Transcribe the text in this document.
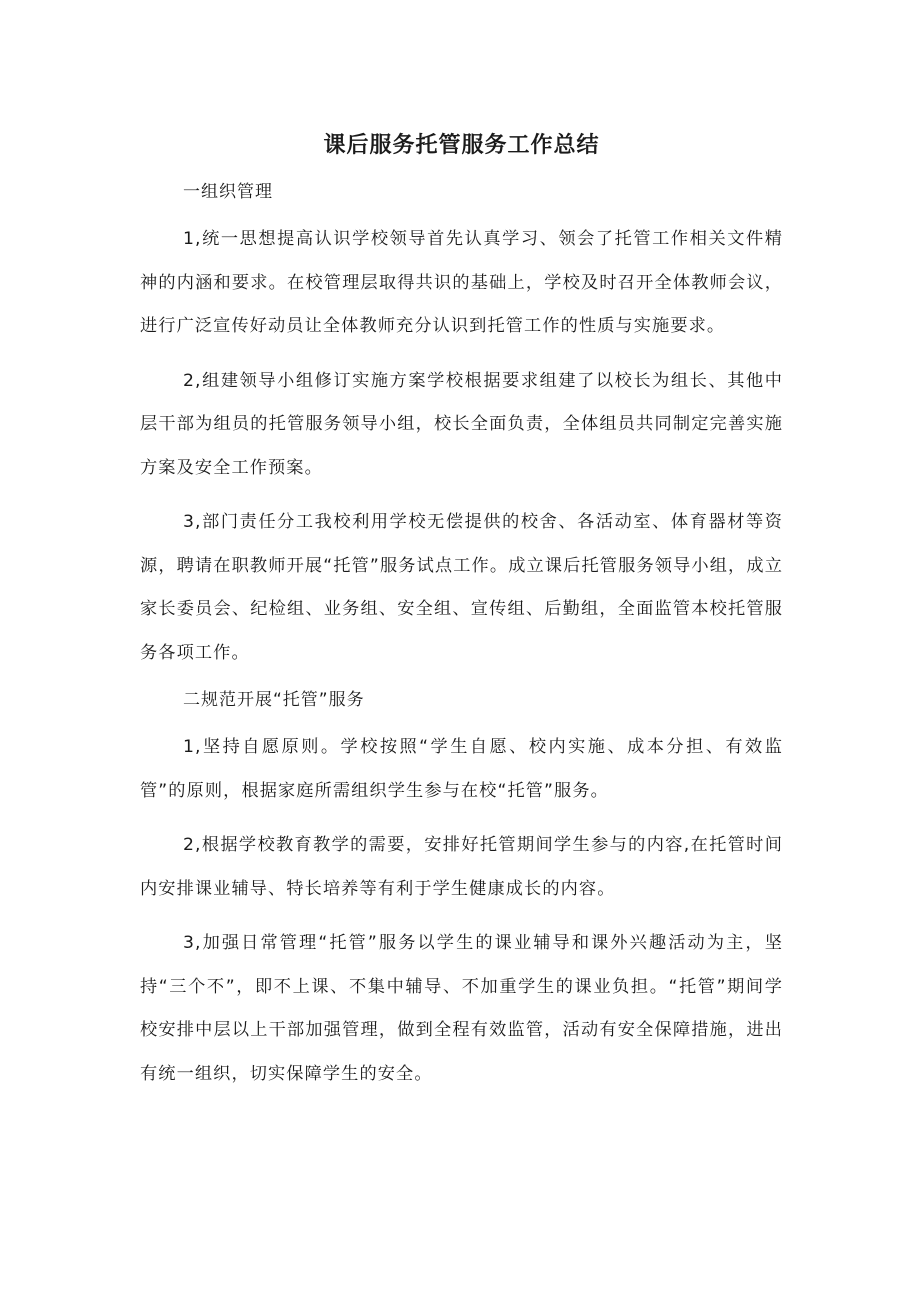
课后服务托管服务工作总结

一组织管理

1,统一思想提高认识学校领导首先认真学习、领会了托管工作相关文件精神的内涵和要求。在校管理层取得共识的基础上，学校及时召开全体教师会议，进行广泛宣传好动员让全体教师充分认识到托管工作的性质与实施要求。

2,组建领导小组修订实施方案学校根据要求组建了以校长为组长、其他中层干部为组员的托管服务领导小组，校长全面负责，全体组员共同制定完善实施方案及安全工作预案。

3,部门责任分工我校利用学校无偿提供的校舍、各活动室、体育器材等资源，聘请在职教师开展“托管”服务试点工作。成立课后托管服务领导小组，成立家长委员会、纪检组、业务组、安全组、宣传组、后勤组，全面监管本校托管服务各项工作。

二规范开展“托管”服务

1,坚持自愿原则。学校按照“学生自愿、校内实施、成本分担、有效监管”的原则，根据家庭所需组织学生参与在校“托管”服务。

2,根据学校教育教学的需要，安排好托管期间学生参与的内容,在托管时间内安排课业辅导、特长培养等有利于学生健康成长的内容。

3,加强日常管理“托管”服务以学生的课业辅导和课外兴趣活动为主，坚持“三个不”，即不上课、不集中辅导、不加重学生的课业负担。“托管”期间学校安排中层以上干部加强管理，做到全程有效监管，活动有安全保障措施，进出有统一组织，切实保障学生的安全。
